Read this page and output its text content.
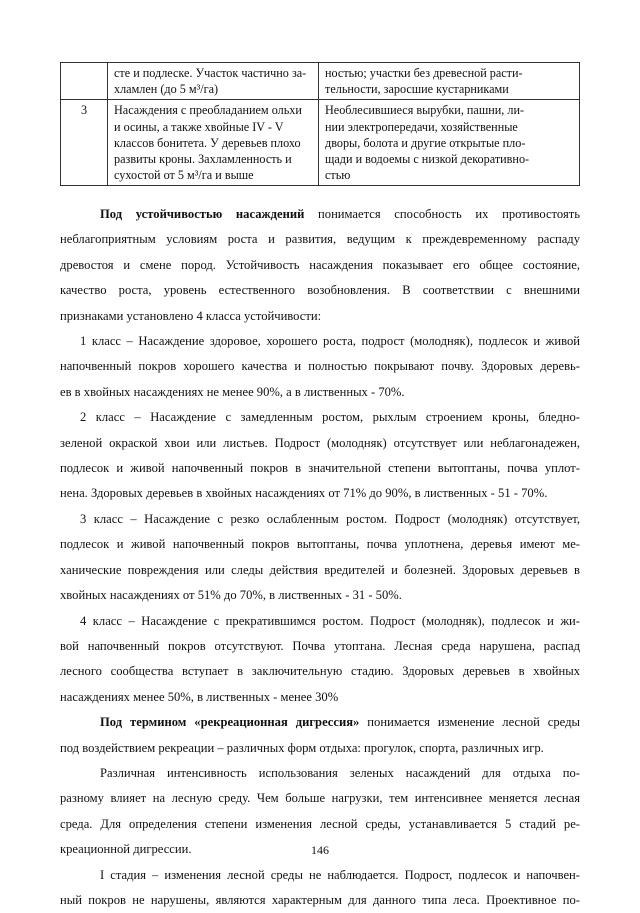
	сте и подлеске. Участок частично за-
хламлен (до 5 м³/га)	ностью; участки без древесной расти-
тельности, заросшие кустарниками

3	Насаждения с преобладанием ольхи
и осины, а также хвойные IV - V
классов бонитета. У деревьев плохо
развиты кроны. Захламленность и
сухостой от 5 м³/га и выше	Необлесившиеся вырубки, пашни, ли-
нии электропередачи, хозяйственные
дворы, болота и другие открытые пло-
щади и водоемы с низкой декоративно-
стью
Под устойчивостью насаждений понимается способность их противостоять
неблагоприятным условиям роста и развития, ведущим к преждевременному распаду
древостоя и смене пород. Устойчивость насаждения показывает его общее состояние,
качество роста, уровень естественного возобновления. В соответствии с внешними
признаками установлено 4 класса устойчивости:
1 класс – Насаждение здоровое, хорошего роста, подрост (молодняк), подлесок и живой
напочвенный покров хорошего качества и полностью покрывают почву. Здоровых деревь-
ев в хвойных насаждениях не менее 90%, а в лиственных - 70%.
2 класс – Насаждение с замедленным ростом, рыхлым строением кроны, бледно-
зеленой окраской хвои или листьев. Подрост (молодняк) отсутствует или неблагонадежен,
подлесок и живой напочвенный покров в значительной степени вытоптаны, почва уплот-
нена. Здоровых деревьев в хвойных насаждениях от 71% до 90%, в лиственных - 51 - 70%.
3 класс – Насаждение с резко ослабленным ростом. Подрост (молодняк) отсутствует,
подлесок и живой напочвенный покров вытоптаны, почва уплотнена, деревья имеют ме-
ханические повреждения или следы действия вредителей и болезней. Здоровых деревьев в
хвойных насаждениях от 51% до 70%, в лиственных - 31 - 50%.
4 класс – Насаждение с прекратившимся ростом. Подрост (молодняк), подлесок и жи-
вой напочвенный покров отсутствуют. Почва утоптана. Лесная среда нарушена, распад
лесного сообщества вступает в заключительную стадию. Здоровых деревьев в хвойных
насаждениях менее 50%, в лиственных - менее 30%
Под термином «рекреационная дигрессия» понимается изменение лесной среды
под воздействием рекреации – различных форм отдыха: прогулок, спорта, различных игр.
Различная интенсивность использования зеленых насаждений для отдыха по-
разному влияет на лесную среду. Чем больше нагрузки, тем интенсивнее меняется лесная
среда. Для определения степени изменения лесной среды, устанавливается 5 стадий ре-
креационной дигрессии.
I стадия – изменения лесной среды не наблюдается. Подрост, подлесок и напочвен-
ный покров не нарушены, являются характерным для данного типа леса. Проективное по-
146
